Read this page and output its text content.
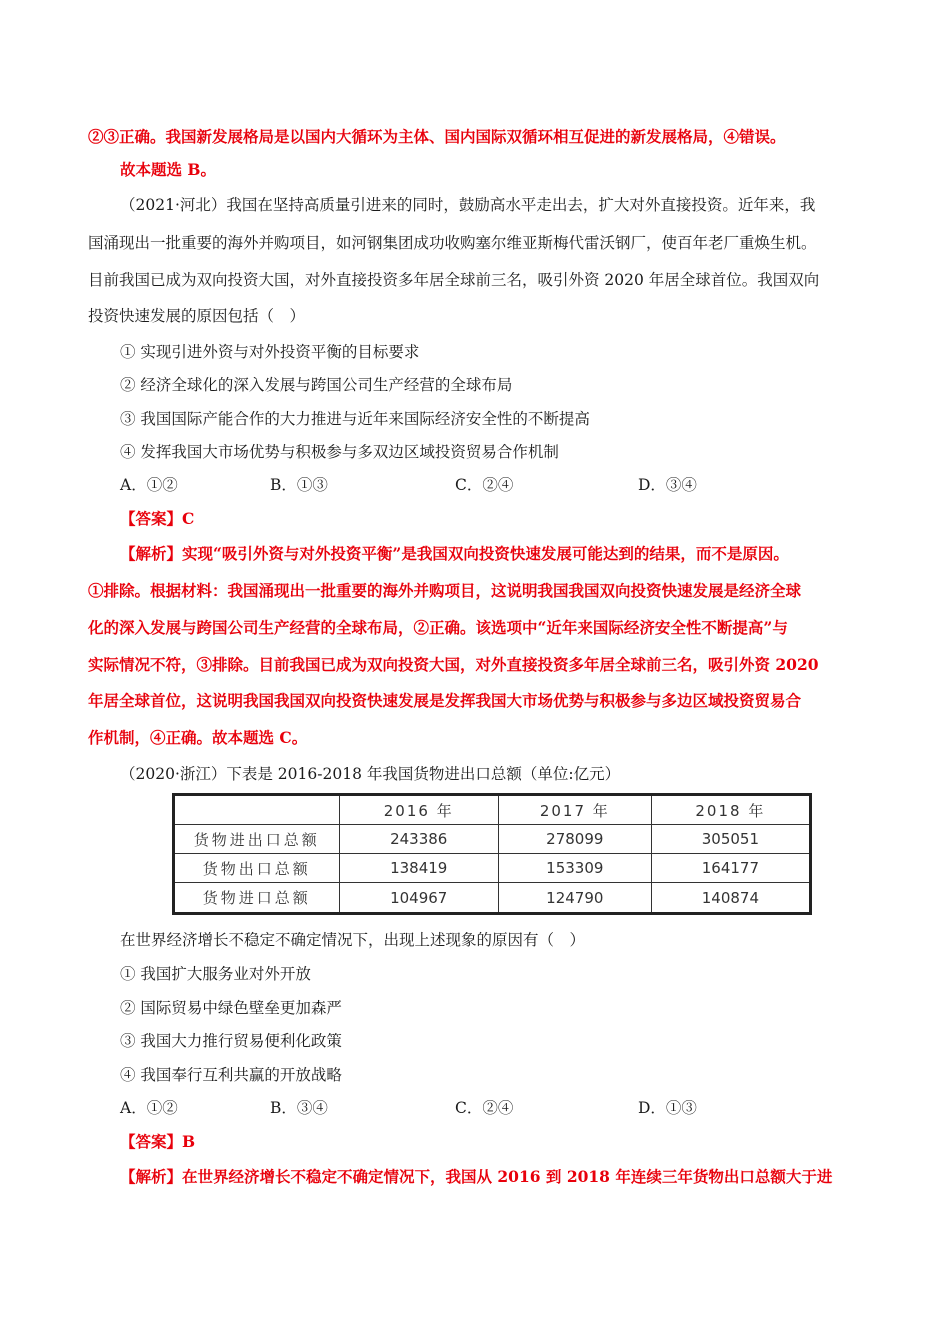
②③正确。我国新发展格局是以国内大循环为主体、国内国际双循环相互促进的新发展格局，④错误。
故本题选 B。
（2021·河北）我国在坚持高质量引进来的同时，鼓励高水平走出去，扩大对外直接投资。近年来，我
国涌现出一批重要的海外并购项目，如河钢集团成功收购塞尔维亚斯梅代雷沃钢厂，使百年老厂重焕生机。
目前我国已成为双向投资大国，对外直接投资多年居全球前三名，吸引外资 2020 年居全球首位。我国双向
投资快速发展的原因包括（　）
① 实现引进外资与对外投资平衡的目标要求
② 经济全球化的深入发展与跨国公司生产经营的全球布局
③ 我国国际产能合作的大力推进与近年来国际经济安全性的不断提高
④ 发挥我国大市场优势与积极参与多双边区域投资贸易合作机制
A．①②	B．①③	C．②④	D．③④
【答案】C
【解析】实现“吸引外资与对外投资平衡”是我国双向投资快速发展可能达到的结果，而不是原因。
①排除。根据材料：我国涌现出一批重要的海外并购项目，这说明我国我国双向投资快速发展是经济全球
化的深入发展与跨国公司生产经营的全球布局，②正确。该选项中“近年来国际经济安全性不断提高”与
实际情况不符，③排除。目前我国已成为双向投资大国，对外直接投资多年居全球前三名，吸引外资 2020
年居全球首位，这说明我国我国双向投资快速发展是发挥我国大市场优势与积极参与多边区域投资贸易合
作机制，④正确。故本题选 C。
（2020·浙江）下表是 2016-2018 年我国货物进出口总额（单位:亿元）
	2016 年	2017 年	2018 年
货物进出口总额	243386	278099	305051
货物出口总额	138419	153309	164177
货物进口总额	104967	124790	140874
在世界经济增长不稳定不确定情况下，出现上述现象的原因有（　）
① 我国扩大服务业对外开放
② 国际贸易中绿色壁垒更加森严
③ 我国大力推行贸易便利化政策
④ 我国奉行互利共赢的开放战略
A．①②	B．③④	C．②④	D．①③
【答案】B
【解析】在世界经济增长不稳定不确定情况下，我国从 2016 到 2018 年连续三年货物出口总额大于进
